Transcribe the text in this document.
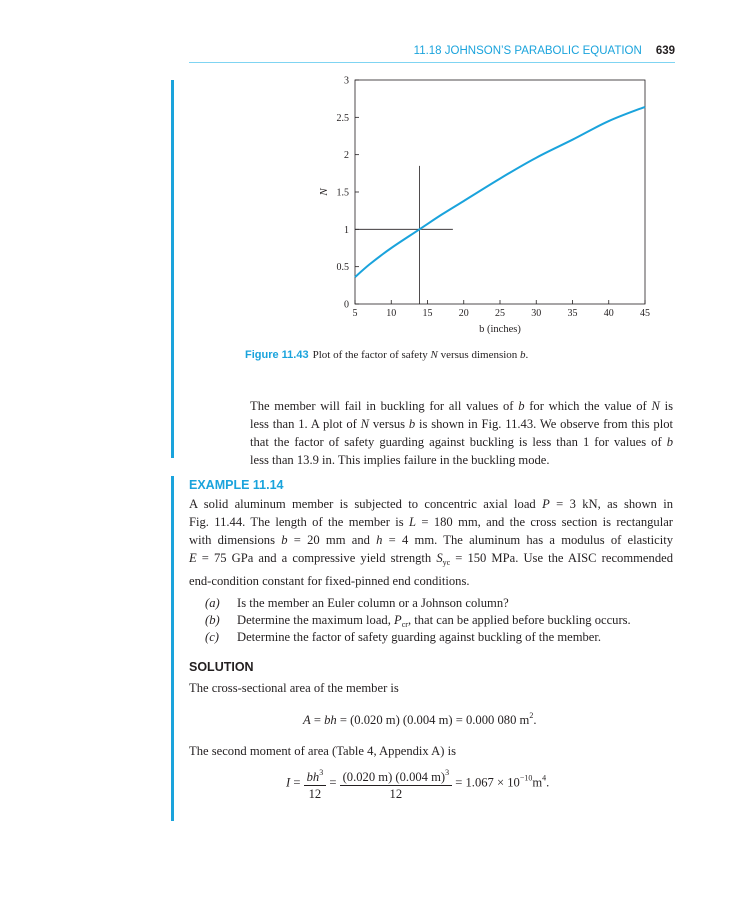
11.18 JOHNSON’S PARABOLIC EQUATION 639
5	10	15	20	25	30	35	40	45
0
0.5
1
1.5
2
2.5
3
N
b (inches)
Figure 11.43 Plot of the factor of safety N versus dimension b.
The member will fail in buckling for all values of b for which the value of N is
less than 1. A plot of N versus b is shown in Fig. 11.43. We observe from this plot
that the factor of safety guarding against buckling is less than 1 for values of b
less than 13.9 in. This implies failure in the buckling mode.
EXAMPLE 11.14
A solid aluminum member is subjected to concentric axial load P = 3 kN, as shown in
Fig. 11.44. The length of the member is L = 180 mm, and the cross section is rectangular
with dimensions b = 20 mm and h = 4 mm. The aluminum has a modulus of elasticity
E = 75 GPa and a compressive yield strength $S_{yc} = 150$ MPa. Use the AISC recommended
end-condition constant for fixed-pinned end conditions.
(a) Is the member an Euler column or a Johnson column?
(b) Determine the maximum load, $P_{cr}$, that can be applied before buckling occurs.
(c) Determine the factor of safety guarding against buckling of the member.
SOLUTION
The cross-sectional area of the member is
A = bh = (0.020 m) (0.004 m) = 0.000 080 $m^2$.
The second moment of area (Table 4, Appendix A) is
$I = \frac{bh^3}{12} = \frac{(0.020 m) (0.004 m)^3}{12} = 1.067 \times 10^{-10}m^4$.
